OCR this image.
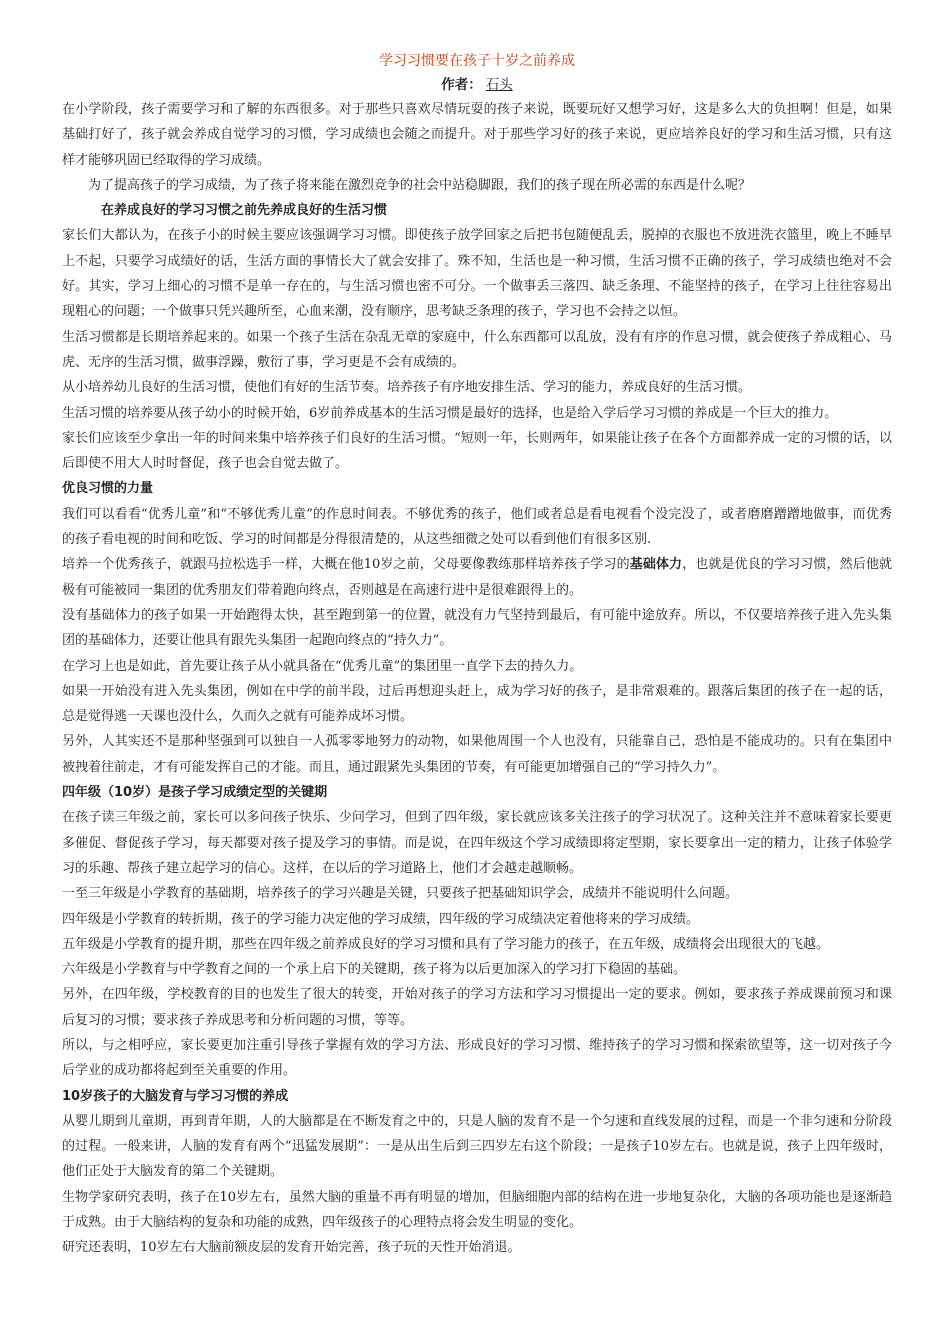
学习习惯要在孩子十岁之前养成

作者： 石头

在小学阶段，孩子需要学习和了解的东西很多。对于那些只喜欢尽情玩耍的孩子来说，既要玩好又想学习好，这是多么大的负担啊！但是，如果基础打好了，孩子就会养成自觉学习的习惯，学习成绩也会随之而提升。对于那些学习好的孩子来说，更应培养良好的学习和生活习惯，只有这样才能够巩固已经取得的学习成绩。

为了提高孩子的学习成绩，为了孩子将来能在激烈竞争的社会中站稳脚跟，我们的孩子现在所必需的东西是什么呢？

在养成良好的学习习惯之前先养成良好的生活习惯

家长们大都认为，在孩子小的时候主要应该强调学习习惯。即使孩子放学回家之后把书包随便乱丢，脱掉的衣服也不放进洗衣篮里，晚上不睡早上不起，只要学习成绩好的话，生活方面的事情长大了就会安排了。殊不知，生活也是一种习惯，生活习惯不正确的孩子，学习成绩也绝对不会好。其实，学习上细心的习惯不是单一存在的，与生活习惯也密不可分。一个做事丢三落四、缺乏条理、不能坚持的孩子，在学习上往往容易出现粗心的问题；一个做事只凭兴趣所至，心血来潮，没有顺序，思考缺乏条理的孩子，学习也不会持之以恒。

生活习惯都是长期培养起来的。如果一个孩子生活在杂乱无章的家庭中，什么东西都可以乱放，没有有序的作息习惯，就会使孩子养成粗心、马虎、无序的生活习惯，做事浮躁，敷衍了事，学习更是不会有成绩的。

从小培养幼儿良好的生活习惯，使他们有好的生活节奏。培养孩子有序地安排生活、学习的能力，养成良好的生活习惯。

生活习惯的培养要从孩子幼小的时候开始，6岁前养成基本的生活习惯是最好的选择，也是给入学后学习习惯的养成是一个巨大的推力。

家长们应该至少拿出一年的时间来集中培养孩子们良好的生活习惯。“短则一年，长则两年，如果能让孩子在各个方面都养成一定的习惯的话，以后即使不用大人时时督促，孩子也会自觉去做了。

优良习惯的力量

我们可以看看“优秀儿童”和“不够优秀儿童”的作息时间表。不够优秀的孩子，他们或者总是看电视看个没完没了，或者磨磨蹭蹭地做事，而优秀的孩子看电视的时间和吃饭、学习的时间都是分得很清楚的，从这些细微之处可以看到他们有很多区别.

培养一个优秀孩子，就跟马拉松选手一样，大概在他10岁之前，父母要像教练那样培养孩子学习的基础体力，也就是优良的学习习惯，然后他就极有可能被同一集团的优秀朋友们带着跑向终点，否则越是在高速行进中是很难跟得上的。

没有基础体力的孩子如果一开始跑得太快，甚至跑到第一的位置，就没有力气坚持到最后，有可能中途放弃。所以，不仅要培养孩子进入先头集团的基础体力，还要让他具有跟先头集团一起跑向终点的“持久力”。

在学习上也是如此，首先要让孩子从小就具备在“优秀儿童”的集团里一直学下去的持久力。

如果一开始没有进入先头集团，例如在中学的前半段，过后再想迎头赶上，成为学习好的孩子，是非常艰难的。跟落后集团的孩子在一起的话，总是觉得逃一天课也没什么，久而久之就有可能养成坏习惯。

另外，人其实还不是那种坚强到可以独自一人孤零零地努力的动物，如果他周围一个人也没有，只能靠自己，恐怕是不能成功的。只有在集团中被拽着往前走，才有可能发挥自己的才能。而且，通过跟紧先头集团的节奏，有可能更加增强自己的“学习持久力”。

四年级（10岁）是孩子学习成绩定型的关键期

在孩子读三年级之前，家长可以多问孩子快乐、少问学习，但到了四年级，家长就应该多关注孩子的学习状况了。这种关注并不意味着家长要更多催促、督促孩子学习，每天都要对孩子提及学习的事情。而是说，在四年级这个学习成绩即将定型期，家长要拿出一定的精力，让孩子体验学习的乐趣、帮孩子建立起学习的信心。这样，在以后的学习道路上，他们才会越走越顺畅。

一至三年级是小学教育的基础期，培养孩子的学习兴趣是关键，只要孩子把基础知识学会，成绩并不能说明什么问题。

四年级是小学教育的转折期，孩子的学习能力决定他的学习成绩，四年级的学习成绩决定着他将来的学习成绩。

五年级是小学教育的提升期，那些在四年级之前养成良好的学习习惯和具有了学习能力的孩子，在五年级，成绩将会出现很大的飞越。

六年级是小学教育与中学教育之间的一个承上启下的关键期，孩子将为以后更加深入的学习打下稳固的基础。

另外，在四年级，学校教育的目的也发生了很大的转变，开始对孩子的学习方法和学习习惯提出一定的要求。例如，要求孩子养成课前预习和课后复习的习惯；要求孩子养成思考和分析问题的习惯，等等。

所以，与之相呼应，家长要更加注重引导孩子掌握有效的学习方法、形成良好的学习习惯、维持孩子的学习习惯和探索欲望等，这一切对孩子今后学业的成功都将起到至关重要的作用。

10岁孩子的大脑发育与学习习惯的养成

从婴儿期到儿童期，再到青年期，人的大脑都是在不断发育之中的，只是人脑的发育不是一个匀速和直线发展的过程，而是一个非匀速和分阶段的过程。一般来讲，人脑的发育有两个“迅猛发展期”：一是从出生后到三四岁左右这个阶段；一是孩子10岁左右。也就是说，孩子上四年级时，他们正处于大脑发育的第二个关键期。

生物学家研究表明，孩子在10岁左右，虽然大脑的重量不再有明显的增加，但脑细胞内部的结构在进一步地复杂化，大脑的各项功能也是逐渐趋于成熟。由于大脑结构的复杂和功能的成熟，四年级孩子的心理特点将会发生明显的变化。

研究还表明，10岁左右大脑前额皮层的发育开始完善，孩子玩的天性开始消退。
